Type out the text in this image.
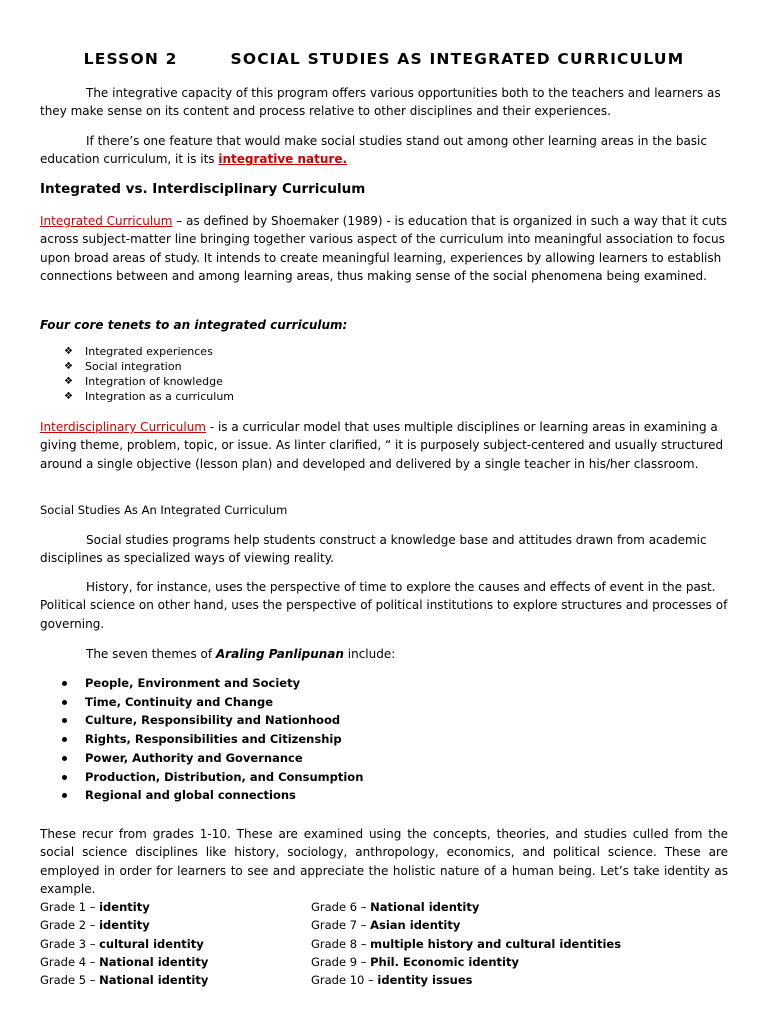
LESSON 2	SOCIAL STUDIES AS INTEGRATED CURRICULUM
The integrative capacity of this program offers various opportunities both to the teachers and learners as they make sense on its content and process relative to other disciplines and their experiences.
If there’s one feature that would make social studies stand out among other learning areas in the basic education curriculum, it is its integrative nature.
Integrated vs. Interdisciplinary Curriculum
Integrated Curriculum – as defined by Shoemaker (1989) - is education that is organized in such a way that it cuts across subject-matter line bringing together various aspect of the curriculum into meaningful association to focus upon broad areas of study. It intends to create meaningful learning, experiences by allowing learners to establish connections between and among learning areas, thus making sense of the social phenomena being examined.
Four core tenets to an integrated curriculum:
❖ Integrated experiences
❖ Social integration
❖ Integration of knowledge
❖ Integration as a curriculum
Interdisciplinary Curriculum - is a curricular model that uses multiple disciplines or learning areas in examining a giving theme, problem, topic, or issue. As linter clarified, “ it is purposely subject-centered and usually structured around a single objective (lesson plan) and developed and delivered by a single teacher in his/her classroom.
Social Studies As An Integrated Curriculum
Social studies programs help students construct a knowledge base and attitudes drawn from academic disciplines as specialized ways of viewing reality.
History, for instance, uses the perspective of time to explore the causes and effects of event in the past. Political science on other hand, uses the perspective of political institutions to explore structures and processes of governing.
The seven themes of Araling Panlipunan include:
People, Environment and Society
Time, Continuity and Change
Culture, Responsibility and Nationhood
Rights, Responsibilities and Citizenship
Power, Authority and Governance
Production, Distribution, and Consumption
Regional and global connections
These recur from grades 1-10. These are examined using the concepts, theories, and studies culled from the social science disciplines like history, sociology, anthropology, economics, and political science. These are employed in order for learners to see and appreciate the holistic nature of a human being. Let’s take identity as example.
Grade 1 – identity
Grade 2 – identity
Grade 3 – cultural identity
Grade 4 – National identity
Grade 5 – National identity
Grade 6 – National identity
Grade 7 – Asian identity
Grade 8 – multiple history and cultural identities
Grade 9 – Phil. Economic identity
Grade 10 – identity issues
